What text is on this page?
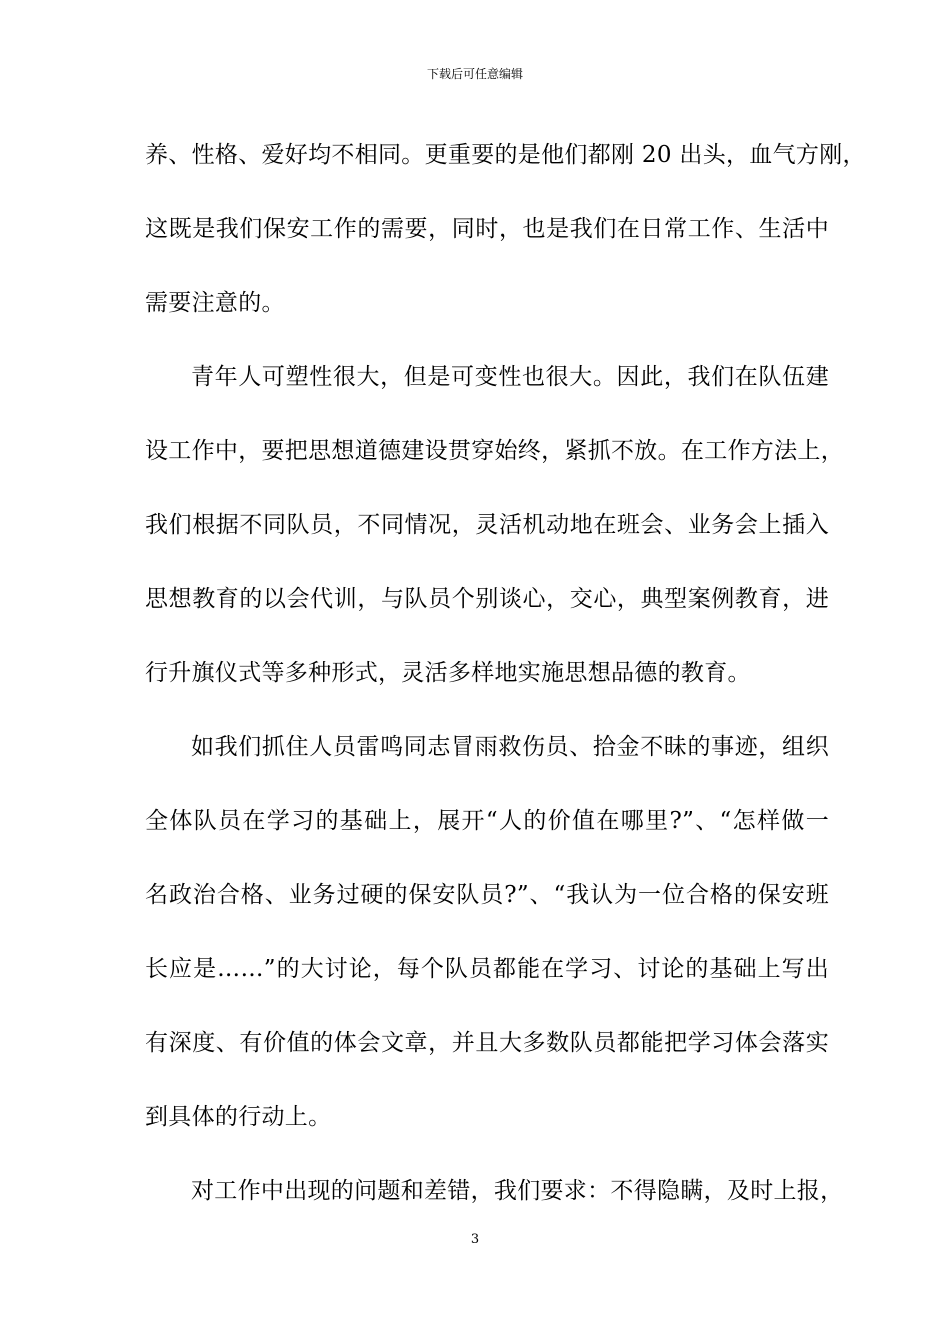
下载后可任意编辑
养、性格、爱好均不相同。更重要的是他们都刚 20 出头，血气方刚，
这既是我们保安工作的需要，同时，也是我们在日常工作、生活中
需要注意的。
青年人可塑性很大，但是可变性也很大。因此，我们在队伍建
设工作中，要把思想道德建设贯穿始终，紧抓不放。在工作方法上，
我们根据不同队员，不同情况，灵活机动地在班会、业务会上插入
思想教育的以会代训，与队员个别谈心，交心，典型案例教育，进
行升旗仪式等多种形式，灵活多样地实施思想品德的教育。
如我们抓住人员雷鸣同志冒雨救伤员、拾金不昧的事迹，组织
全体队员在学习的基础上，展开“人的价值在哪里?”、“怎样做一
名政治合格、业务过硬的保安队员?”、“我认为一位合格的保安班
长应是……”的大讨论，每个队员都能在学习、讨论的基础上写出
有深度、有价值的体会文章，并且大多数队员都能把学习体会落实
到具体的行动上。
对工作中出现的问题和差错，我们要求：不得隐瞒，及时上报，
3
